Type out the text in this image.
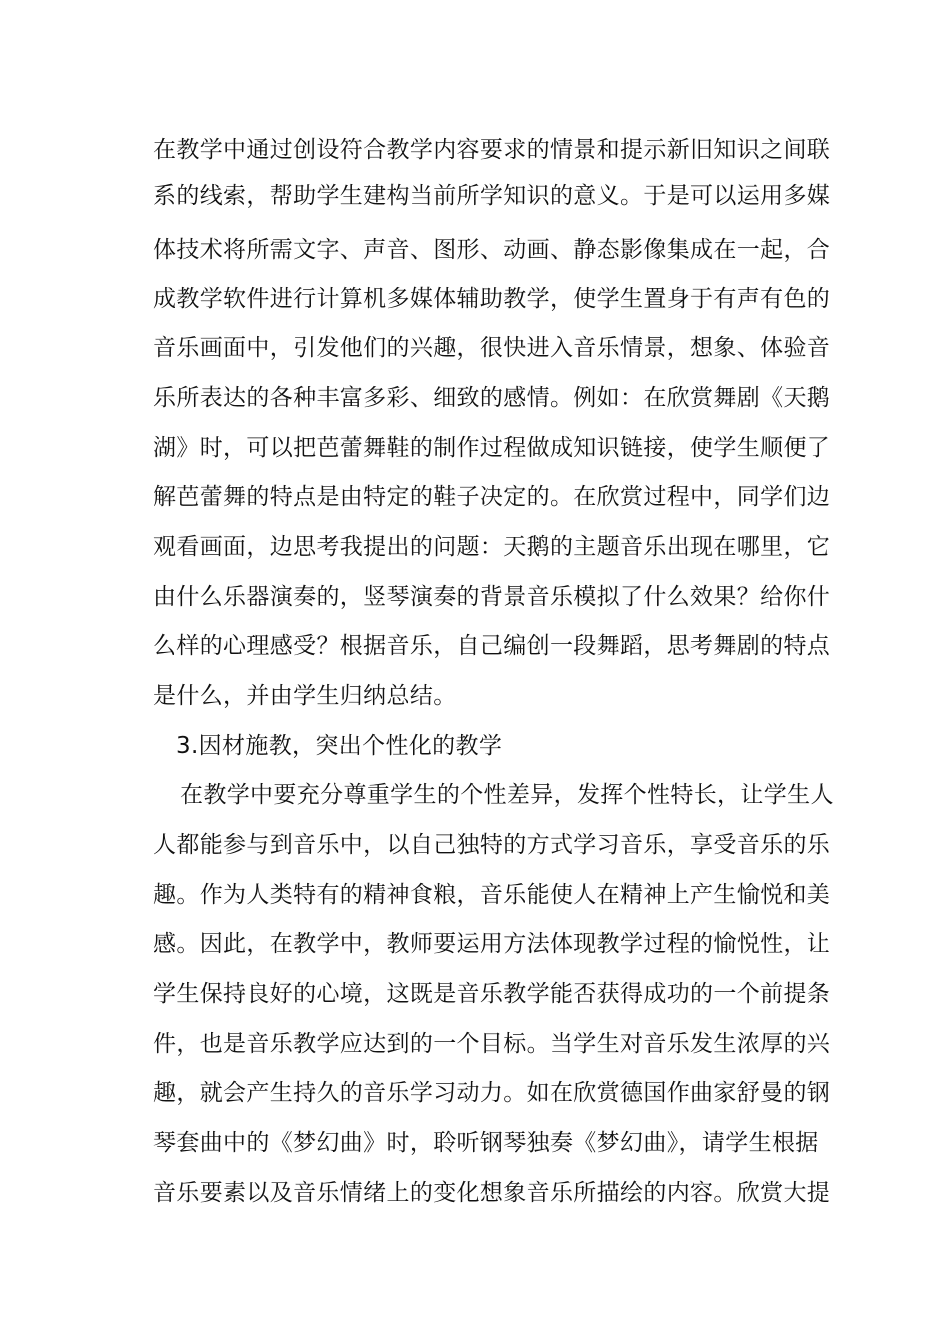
在教学中通过创设符合教学内容要求的情景和提示新旧知识之间联
系的线索，帮助学生建构当前所学知识的意义。于是可以运用多媒
体技术将所需文字、声音、图形、动画、静态影像集成在一起，合
成教学软件进行计算机多媒体辅助教学，使学生置身于有声有色的
音乐画面中，引发他们的兴趣，很快进入音乐情景，想象、体验音
乐所表达的各种丰富多彩、细致的感情。例如：在欣赏舞剧《天鹅
湖》时，可以把芭蕾舞鞋的制作过程做成知识链接，使学生顺便了
解芭蕾舞的特点是由特定的鞋子决定的。在欣赏过程中，同学们边
观看画面，边思考我提出的问题：天鹅的主题音乐出现在哪里，它
由什么乐器演奏的，竖琴演奏的背景音乐模拟了什么效果？给你什
么样的心理感受？根据音乐，自己编创一段舞蹈，思考舞剧的特点
是什么，并由学生归纳总结。
3.因材施教，突出个性化的教学
在教学中要充分尊重学生的个性差异，发挥个性特长，让学生人
人都能参与到音乐中，以自己独特的方式学习音乐，享受音乐的乐
趣。作为人类特有的精神食粮，音乐能使人在精神上产生愉悦和美
感。因此，在教学中，教师要运用方法体现教学过程的愉悦性，让
学生保持良好的心境，这既是音乐教学能否获得成功的一个前提条
件，也是音乐教学应达到的一个目标。当学生对音乐发生浓厚的兴
趣，就会产生持久的音乐学习动力。如在欣赏德国作曲家舒曼的钢
琴套曲中的《梦幻曲》时，聆听钢琴独奏《梦幻曲》，请学生根据
音乐要素以及音乐情绪上的变化想象音乐所描绘的内容。欣赏大提
